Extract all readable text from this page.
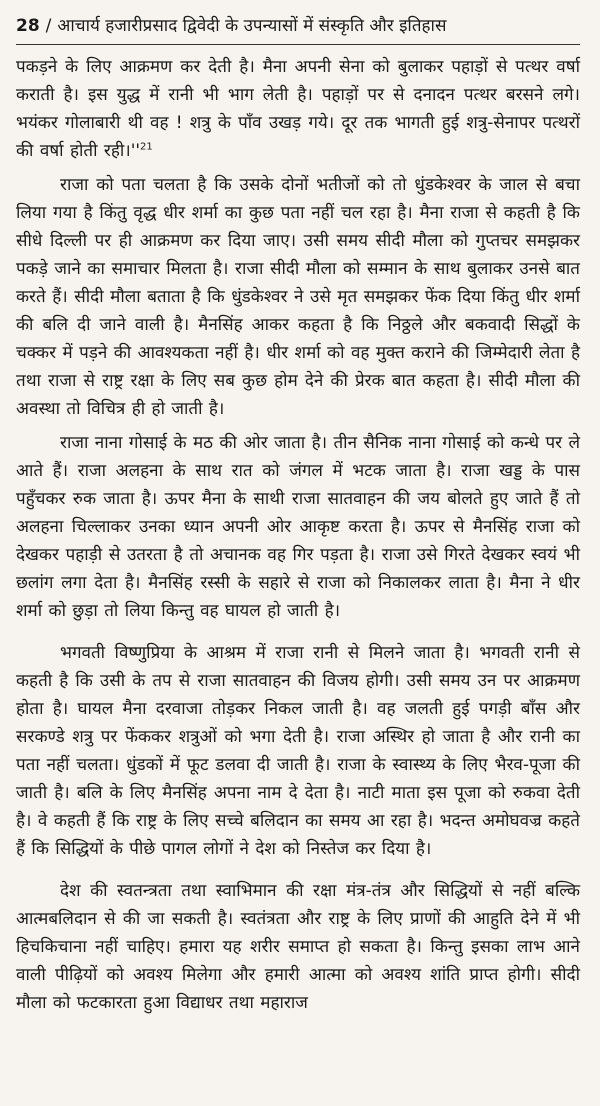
28 / आचार्य हजारीप्रसाद द्विवेदी के उपन्यासों में संस्कृति और इतिहास

पकड़ने के लिए आक्रमण कर देती है। मैना अपनी सेना को बुलाकर पहाड़ों से पत्थर वर्षा कराती है। इस युद्ध में रानी भी भाग लेती है। पहाड़ों पर से दनादन पत्थर बरसने लगे। भयंकर गोलाबारी थी वह ! शत्रु के पाँव उखड़ गये। दूर तक भागती हुई शत्रु-सेनापर पत्थरों की वर्षा होती $रही।''^{21}$

राजा को पता चलता है कि उसके दोनों भतीजों को तो धुंडकेश्वर के जाल से बचा लिया गया है किंतु वृद्ध धीर शर्मा का कुछ पता नहीं चल रहा है। मैना राजा से कहती है कि सीधे दिल्ली पर ही आक्रमण कर दिया जाए। उसी समय सीदी मौला को गुप्तचर समझकर पकड़े जाने का समाचार मिलता है। राजा सीदी मौला को सम्मान के साथ बुलाकर उनसे बात करते हैं। सीदी मौला बताता है कि धुंडकेश्वर ने उसे मृत समझकर फेंक दिया किंतु धीर शर्मा की बलि दी जाने वाली है। मैनसिंह आकर कहता है कि निठ्ठले और बकवादी सिद्धों के चक्कर में पड़ने की आवश्यकता नहीं है। धीर शर्मा को वह मुक्त कराने की जिम्मेदारी लेता है तथा राजा से राष्ट्र रक्षा के लिए सब कुछ होम देने की प्रेरक बात कहता है। सीदी मौला की अवस्था तो विचित्र ही हो जाती है।

राजा नाना गोसाई के मठ की ओर जाता है। तीन सैनिक नाना गोसाई को कन्धे पर ले आते हैं। राजा अलहना के साथ रात को जंगल में भटक जाता है। राजा खड्ड के पास पहुँचकर रुक जाता है। ऊपर मैना के साथी राजा सातवाहन की जय बोलते हुए जाते हैं तो अलहना चिल्लाकर उनका ध्यान अपनी ओर आकृष्ट करता है। ऊपर से मैनसिंह राजा को देखकर पहाड़ी से उतरता है तो अचानक वह गिर पड़ता है। राजा उसे गिरते देखकर स्वयं भी छलांग लगा देता है। मैनसिंह रस्सी के सहारे से राजा को निकालकर लाता है। मैना ने धीर शर्मा को छुड़ा तो लिया किन्तु वह घायल हो जाती है।

भगवती विष्णुप्रिया के आश्रम में राजा रानी से मिलने जाता है। भगवती रानी से कहती है कि उसी के तप से राजा सातवाहन की विजय होगी। उसी समय उन पर आक्रमण होता है। घायल मैना दरवाजा तोड़कर निकल जाती है। वह जलती हुई पगड़ी बाँस और सरकण्डे शत्रु पर फेंककर शत्रुओं को भगा देती है। राजा अस्थिर हो जाता है और रानी का पता नहीं चलता। धुंडकों में फूट डलवा दी जाती है। राजा के स्वास्थ्य के लिए भैरव-पूजा की जाती है। बलि के लिए मैनसिंह अपना नाम दे देता है। नाटी माता इस पूजा को रुकवा देती है। वे कहती हैं कि राष्ट्र के लिए सच्चे बलिदान का समय आ रहा है। भदन्त अमोघवज्र कहते हैं कि सिद्धियों के पीछे पागल लोगों ने देश को निस्तेज कर दिया है।

देश की स्वतन्त्रता तथा स्वाभिमान की रक्षा मंत्र-तंत्र और सिद्धियों से नहीं बल्कि आत्मबलिदान से की जा सकती है। स्वतंत्रता और राष्ट्र के लिए प्राणों की आहुति देने में भी हिचकिचाना नहीं चाहिए। हमारा यह शरीर समाप्त हो सकता है। किन्तु इसका लाभ आने वाली पीढ़ियों को अवश्य मिलेगा और हमारी आत्मा को अवश्य शांति प्राप्त होगी। सीदी मौला को फटकारता हुआ विद्याधर तथा महाराज
